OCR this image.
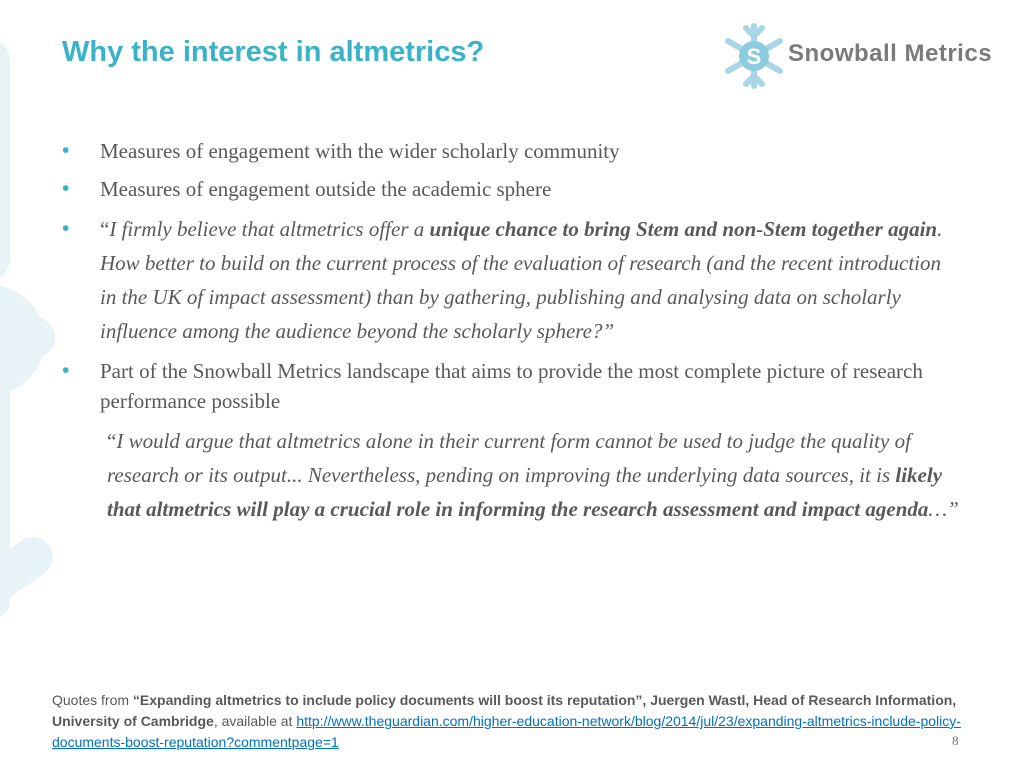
Why the interest in altmetrics?	S Snowball Metrics
• Measures of engagement with the wider scholarly community
• Measures of engagement outside the academic sphere
• “I firmly believe that altmetrics offer a unique chance to bring Stem and non-Stem together again. How better to build on the current process of the evaluation of research (and the recent introduction in the UK of impact assessment) than by gathering, publishing and analysing data on scholarly influence among the audience beyond the scholarly sphere?”
• Part of the Snowball Metrics landscape that aims to provide the most complete picture of research performance possible
“I would argue that altmetrics alone in their current form cannot be used to judge the quality of research or its output... Nevertheless, pending on improving the underlying data sources, it is likely that altmetrics will play a crucial role in informing the research assessment and impact agenda…”
Quotes from “Expanding altmetrics to include policy documents will boost its reputation”, Juergen Wastl, Head of Research Information, University of Cambridge, available at http://www.theguardian.com/higher-education-network/blog/2014/jul/23/expanding-altmetrics-include-policy-documents-boost-reputation?commentpage=1	8
